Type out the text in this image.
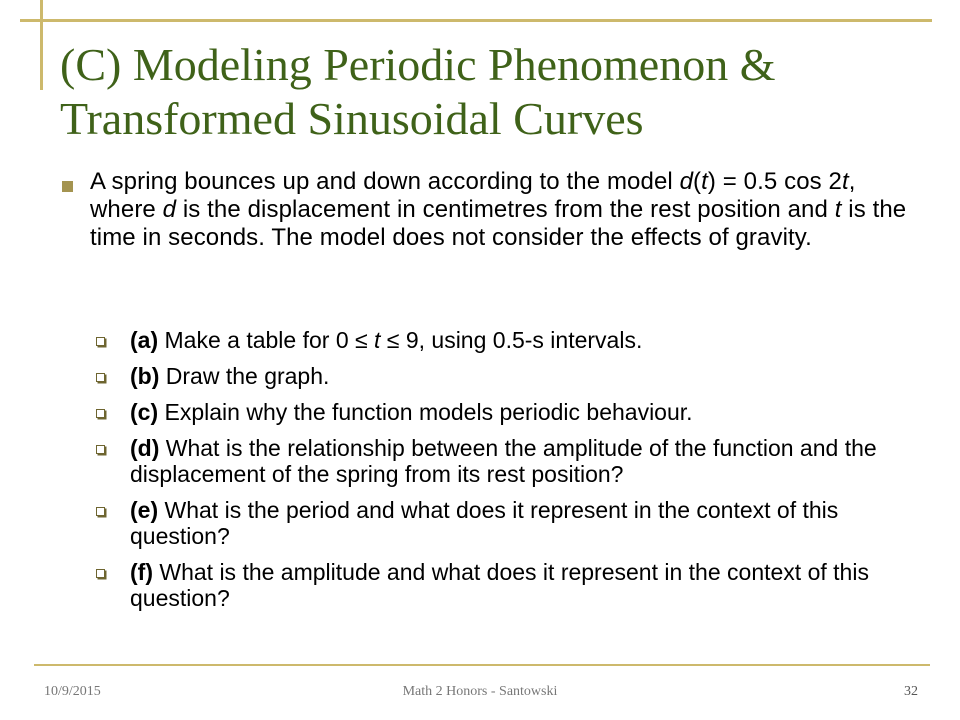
(C) Modeling Periodic Phenomenon & Transformed Sinusoidal Curves
A spring bounces up and down according to the model d(t) = 0.5 cos 2t, where d is the displacement in centimetres from the rest position and t is the time in seconds. The model does not consider the effects of gravity.
(a) Make a table for 0 ≤ t ≤ 9, using 0.5-s intervals.
(b) Draw the graph.
(c) Explain why the function models periodic behaviour.
(d) What is the relationship between the amplitude of the function and the displacement of the spring from its rest position?
(e) What is the period and what does it represent in the context of this question?
(f) What is the amplitude and what does it represent in the context of this question?
10/9/2015	Math 2 Honors - Santowski	32
